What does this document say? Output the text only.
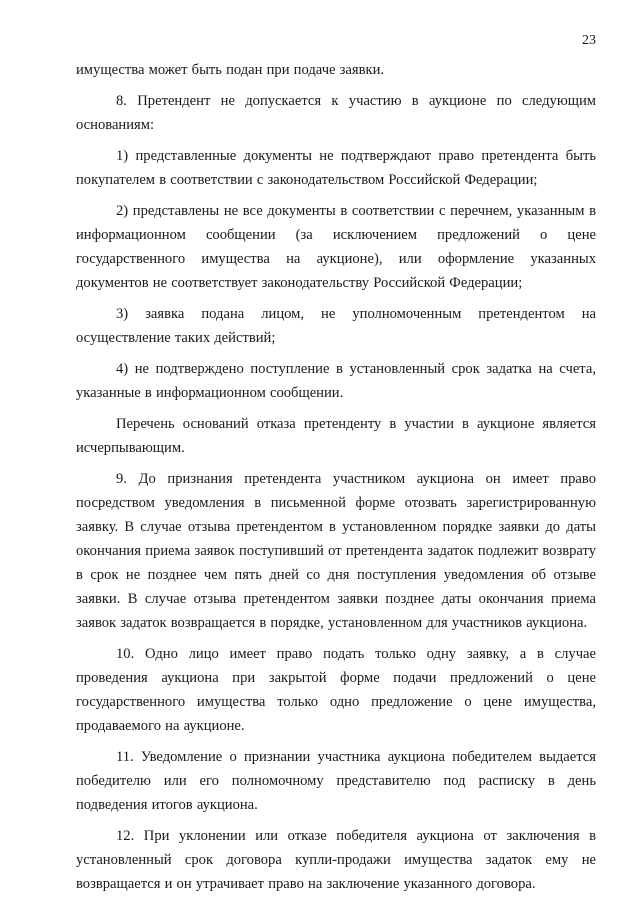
23

имущества может быть подан при подаче заявки.

8. Претендент не допускается к участию в аукционе по следующим основаниям:

1) представленные документы не подтверждают право претендента быть покупателем в соответствии с законодательством Российской Федерации;

2) представлены не все документы в соответствии с перечнем, указанным в информационном сообщении (за исключением предложений о цене государственного имущества на аукционе), или оформление указанных документов не соответствует законодательству Российской Федерации;

3) заявка подана лицом, не уполномоченным претендентом на осуществление таких действий;

4) не подтверждено поступление в установленный срок задатка на счета, указанные в информационном сообщении.

Перечень оснований отказа претенденту в участии в аукционе является исчерпывающим.

9. До признания претендента участником аукциона он имеет право посредством уведомления в письменной форме отозвать зарегистрированную заявку. В случае отзыва претендентом в установленном порядке заявки до даты окончания приема заявок поступивший от претендента задаток подлежит возврату в срок не позднее чем пять дней со дня поступления уведомления об отзыве заявки. В случае отзыва претендентом заявки позднее даты окончания приема заявок задаток возвращается в порядке, установленном для участников аукциона.

10. Одно лицо имеет право подать только одну заявку, а в случае проведения аукциона при закрытой форме подачи предложений о цене государственного имущества только одно предложение о цене имущества, продаваемого на аукционе.

11. Уведомление о признании участника аукциона победителем выдается победителю или его полномочному представителю под расписку в день подведения итогов аукциона.

12. При уклонении или отказе победителя аукциона от заключения в установленный срок договора купли-продажи имущества задаток ему не возвращается и он утрачивает право на заключение указанного договора.
